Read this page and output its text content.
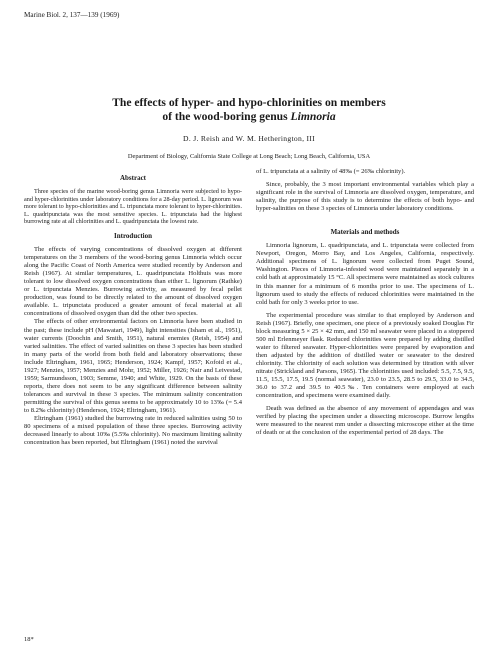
Marine Biol. 2, 137—139 (1969)
The effects of hyper- and hypo-chlorinities on members
of the wood-boring genus Limnoria
D. J. Reish and W. M. Hetherington, III
Department of Biology, California State College at Long Beach; Long Beach, California, USA
Abstract

Three species of the marine wood-boring genus Limnoria were subjected to hypo- and hyper-chlorinities under laboratory conditions for a 28-day period. L. lignorum was more tolerant to hypo-chlorinities and L. tripunctata more tolerant to hyper-chlorinities. L. quadripunctata was the most sensitive species. L. tripunctata had the highest burrowing rate at all chlorinities and L. quadripunctata the lowest rate.

Introduction

The effects of varying concentrations of dissolved oxygen at different temperatures on the 3 members of the wood-boring genus Limnoria which occur along the Pacific Coast of North America were studied recently by Anderson and Reish (1967). At similar temperatures, L. quadripunctata Holthuis was more tolerant to low dissolved oxygen concentrations than either L. lignorum (Rathke) or L. tripunctata Menzies. Burrowing activity, as measured by fecal pellet production, was found to be directly related to the amount of dissolved oxygen available. L. tripunctata produced a greater amount of fecal material at all concentrations of dissolved oxygen than did the other two species.

The effects of other environmental factors on Limnoria have been studied in the past; these include pH (Mawatari, 1949), light intensities (Isham et al., 1951), water currents (Doochin and Smith, 1951), natural enemies (Reish, 1954) and varied salinities. The effect of varied salinities on these 3 species has been studied in many parts of the world from both field and laboratory observations; these include Eltringham, 1961, 1965; Henderson, 1924; Kampf, 1957; Kofoid et al., 1927; Menzies, 1957; Menzies and Mohr, 1952; Miller, 1926; Nair and Leivestad, 1959; Sarmundsson, 1903; Semme, 1940; and White, 1929. On the basis of these reports, there does not seem to be any significant difference between salinity tolerances and survival in these 3 species. The minimum salinity concentration permitting the survival of this genus seems to be approximately 10 to 13‰ (= 5.4 to 8.2‰ chlorinity) (Henderson, 1924; Eltringham, 1961).

Eltringham (1961) studied the burrowing rate in reduced salinities using 50 to 80 specimens of a mixed population of these three species. Burrowing activity decreased linearly to about 10‰ (5.5‰ chlorinity). No maximum limiting salinity concentration has been reported, but Eltringham (1961) noted the survival

of L. tripunctata at a salinity of 48‰ (= 26‰ chlorinity).

Since, probably, the 3 most important environmental variables which play a significant role in the survival of Limnoria are dissolved oxygen, temperature, and salinity, the purpose of this study is to determine the effects of both hypo- and hyper-salinities on these 3 species of Limnoria under laboratory conditions.

Materials and methods

Limnoria lignorum, L. quadripunctata, and L. tripunctata were collected from Newport, Oregon, Morro Bay, and Los Angeles, California, respectively. Additional specimens of L. lignorum were collected from Puget Sound, Washington. Pieces of Limnoria-infested wood were maintained separately in a cold bath at approximately 15 °C. All specimens were maintained as stock cultures in this manner for a minimum of 6 months prior to use. The specimens of L. lignorum used to study the effects of reduced chlorinities were maintained in the cold bath for only 3 weeks prior to use.

The experimental procedure was similar to that employed by Anderson and Reish (1967). Briefly, one specimen, one piece of a previously soaked Douglas Fir block measuring 5 × 25 × 42 mm, and 150 ml seawater were placed in a stoppered 500 ml Erlenmeyer flask. Reduced chlorinities were prepared by adding distilled water to filtered seawater. Hyper-chlorinities were prepared by evaporation and then adjusted by the addition of distilled water or seawater to the desired chlorinity. The chlorinity of each solution was determined by titration with silver nitrate (Strickland and Parsons, 1965). The chlorinities used included: 5.5, 7.5, 9.5, 11.5, 15.5, 17.5, 19.5 (normal seawater), 23.0 to 23.5, 28.5 to 29.5, 33.0 to 34.5, 36.0 to 37.2 and 39.5 to 40.5‰. Ten containers were employed at each concentration, and specimens were examined daily.

Death was defined as the absence of any movement of appendages and was verified by placing the specimen under a dissecting microscope. Burrow lengths were measured to the nearest mm under a dissecting microscope either at the time of death or at the conclusion of the experimental period of 28 days. The

18*
